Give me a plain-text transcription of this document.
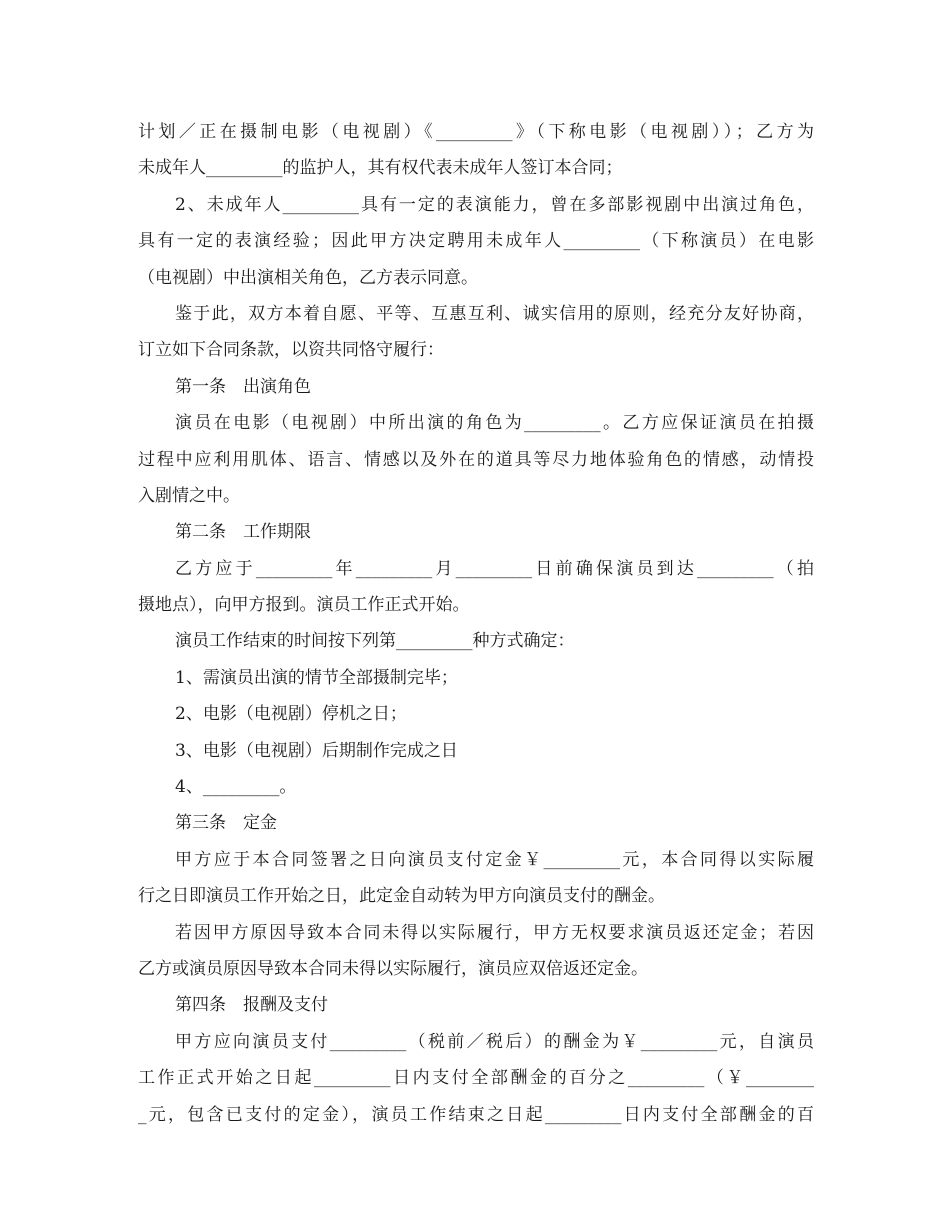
计划／正在摄制电影（电视剧）《_________》（下称电影（电视剧））；乙方为
未成年人_________的监护人，其有权代表未成年人签订本合同；
2、未成年人_________具有一定的表演能力，曾在多部影视剧中出演过角色，
具有一定的表演经验；因此甲方决定聘用未成年人_________（下称演员）在电影
（电视剧）中出演相关角色，乙方表示同意。
鉴于此，双方本着自愿、平等、互惠互利、诚实信用的原则，经充分友好协商，
订立如下合同条款，以资共同恪守履行：
第一条　出演角色
演员在电影（电视剧）中所出演的角色为_________。乙方应保证演员在拍摄
过程中应利用肌体、语言、情感以及外在的道具等尽力地体验角色的情感，动情投
入剧情之中。
第二条　工作期限
乙方应于_________年_________月_________日前确保演员到达_________（拍
摄地点），向甲方报到。演员工作正式开始。
演员工作结束的时间按下列第_________种方式确定：
1、需演员出演的情节全部摄制完毕；
2、电影（电视剧）停机之日；
3、电影（电视剧）后期制作完成之日
4、_________。
第三条　定金
甲方应于本合同签署之日向演员支付定金￥_________元，本合同得以实际履
行之日即演员工作开始之日，此定金自动转为甲方向演员支付的酬金。
若因甲方原因导致本合同未得以实际履行，甲方无权要求演员返还定金；若因
乙方或演员原因导致本合同未得以实际履行，演员应双倍返还定金。
第四条　报酬及支付
甲方应向演员支付_________（税前／税后）的酬金为￥_________元，自演员
工作正式开始之日起_________日内支付全部酬金的百分之_________（￥________
_元，包含已支付的定金），演员工作结束之日起_________日内支付全部酬金的百
